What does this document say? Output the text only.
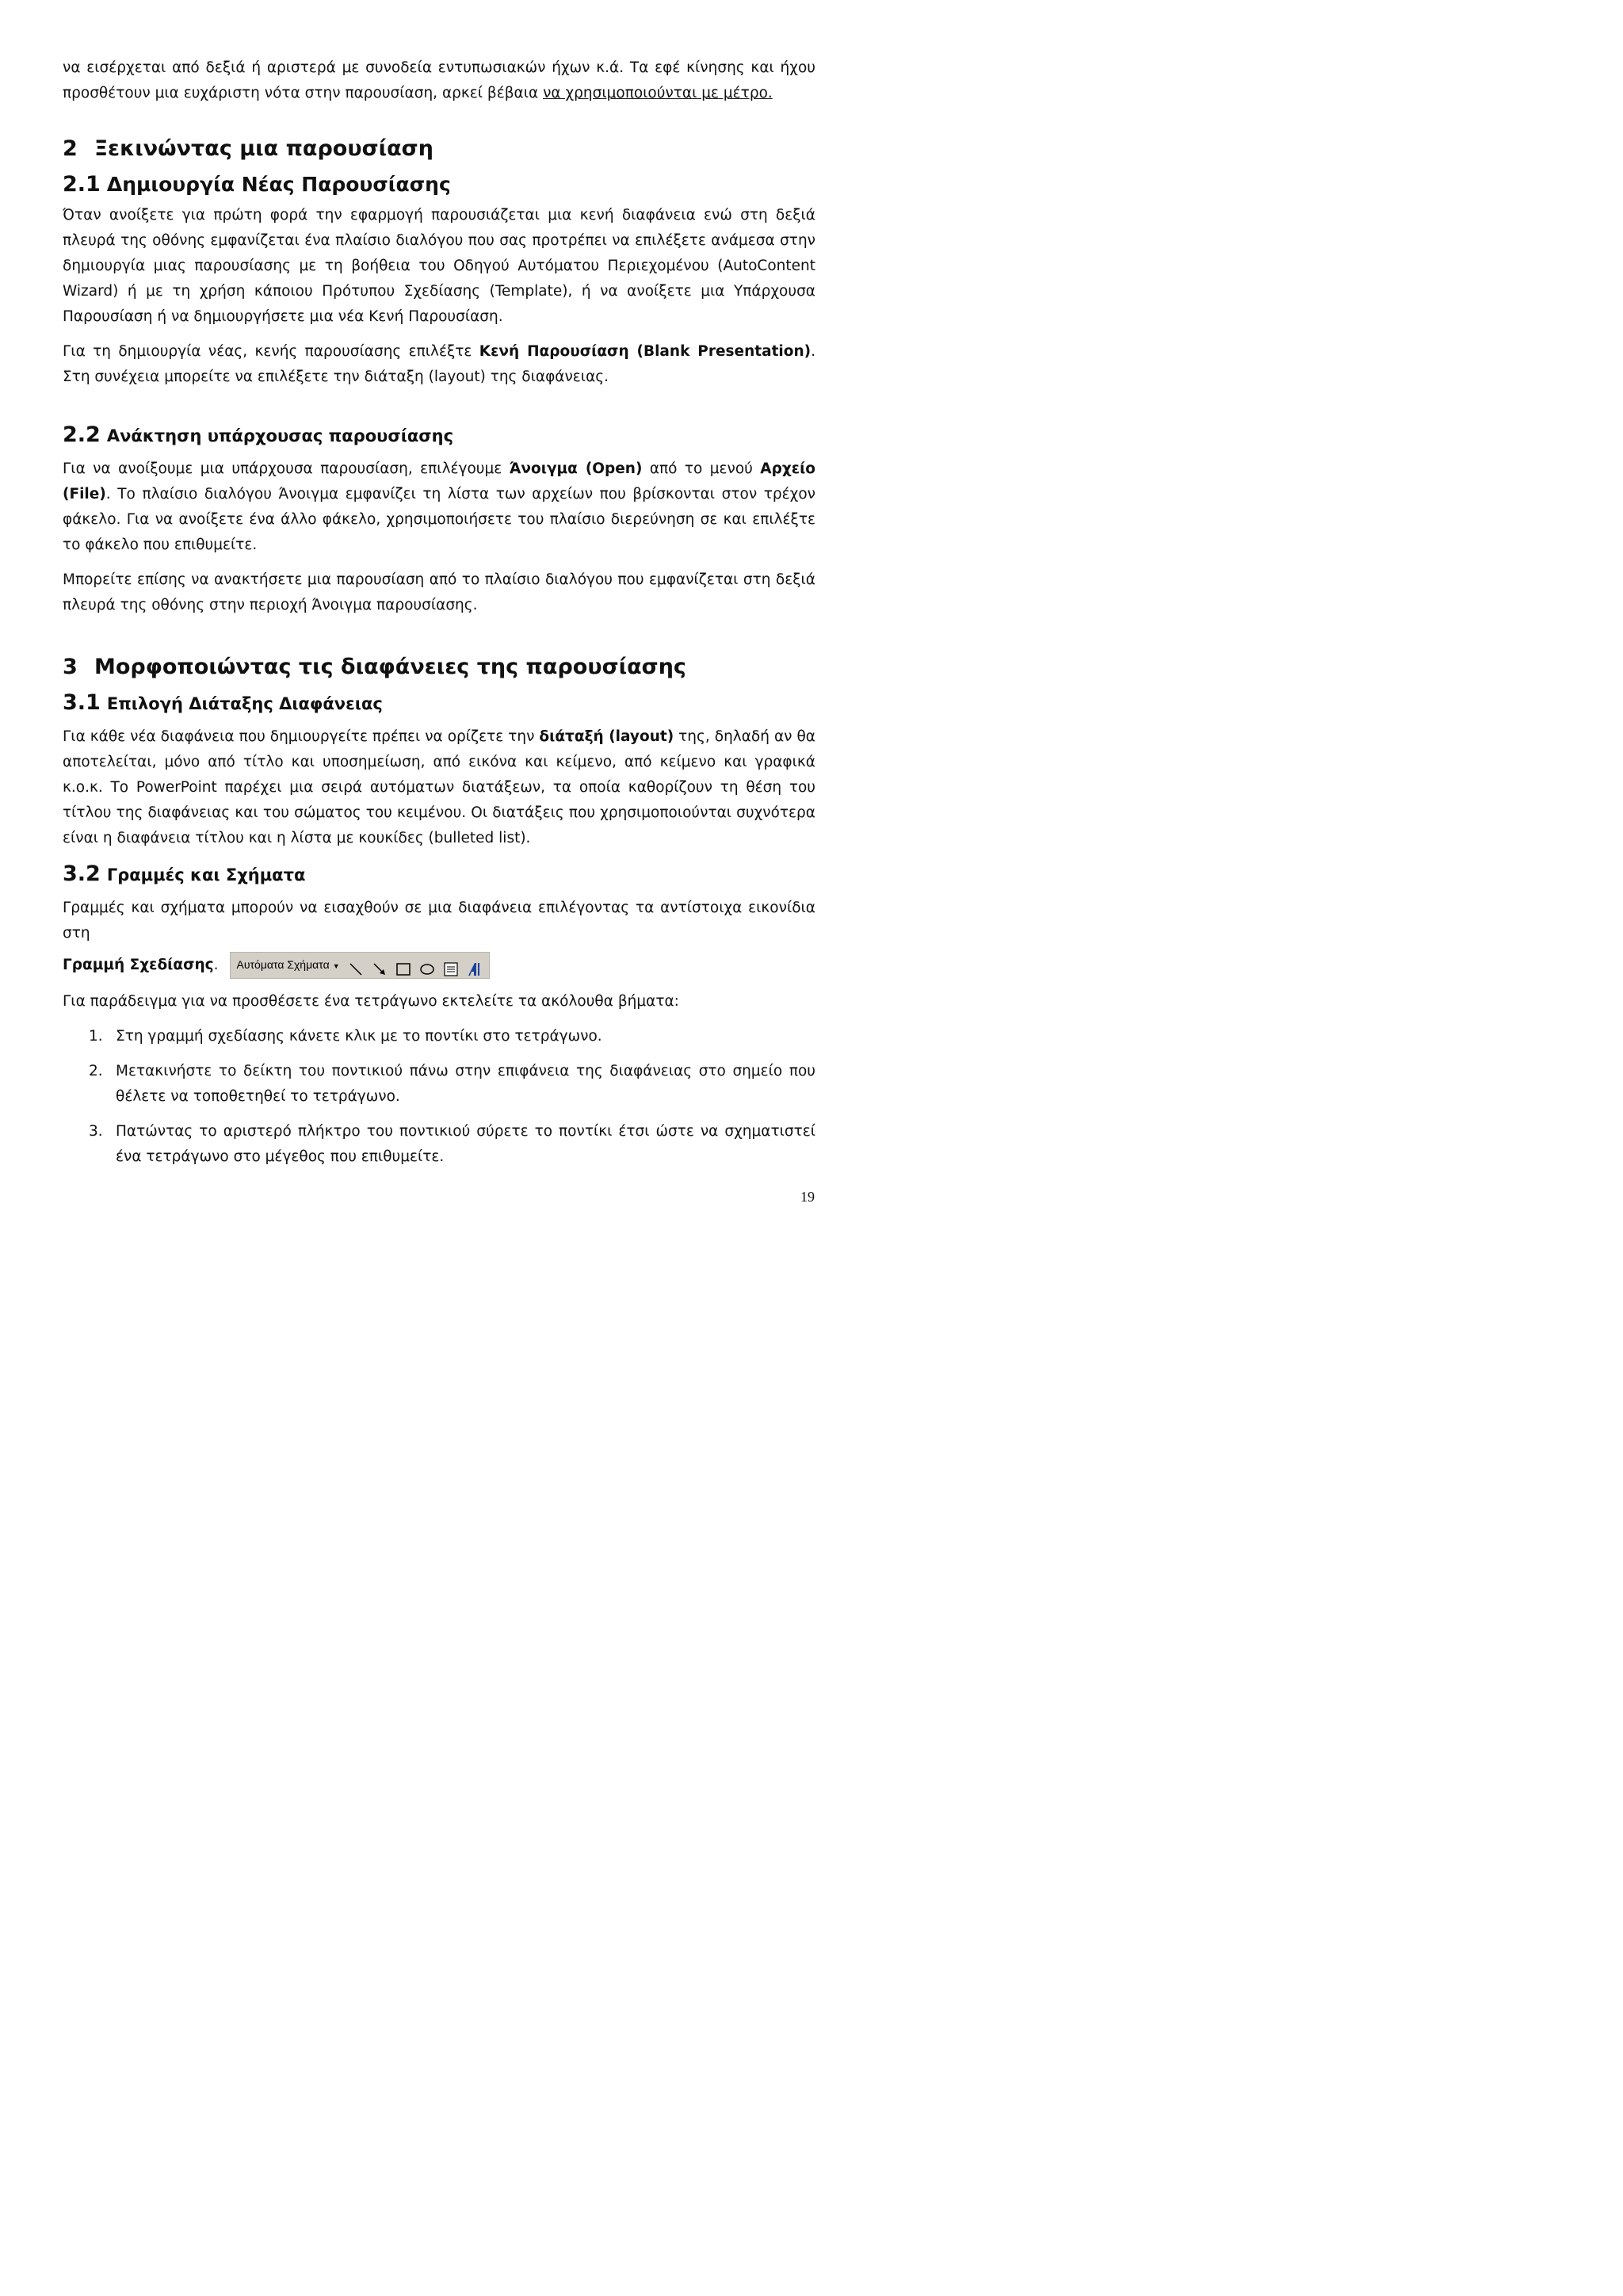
να εισέρχεται από δεξιά ή αριστερά με συνοδεία εντυπωσιακών ήχων κ.ά. Τα εφέ κίνησης και ήχου προσθέτουν μια ευχάριστη νότα στην παρουσίαση, αρκεί βέβαια να χρησιμοποιούνται με μέτρο.

2 Ξεκινώντας μια παρουσίαση
2.1 Δημιουργία Νέας Παρουσίασης

Όταν ανοίξετε για πρώτη φορά την εφαρμογή παρουσιάζεται μια κενή διαφάνεια ενώ στη δεξιά πλευρά της οθόνης εμφανίζεται ένα πλαίσιο διαλόγου που σας προτρέπει να επιλέξετε ανάμεσα στην δημιουργία μιας παρουσίασης με τη βοήθεια του Οδηγού Αυτόματου Περιεχομένου (AutoContent Wizard) ή με τη χρήση κάποιου Πρότυπου Σχεδίασης (Template), ή να ανοίξετε μια Υπάρχουσα Παρουσίαση ή να δημιουργήσετε μια νέα Κενή Παρουσίαση.

Για τη δημιουργία νέας, κενής παρουσίασης επιλέξτε Κενή Παρουσίαση (Blank Presentation). Στη συνέχεια μπορείτε να επιλέξετε την διάταξη (layout) της διαφάνειας.

2.2 Ανάκτηση υπάρχουσας παρουσίασης

Για να ανοίξουμε μια υπάρχουσα παρουσίαση, επιλέγουμε Άνοιγμα (Open) από το μενού Αρχείο (File). Το πλαίσιο διαλόγου Άνοιγμα εμφανίζει τη λίστα των αρχείων που βρίσκονται στον τρέχον φάκελο. Για να ανοίξετε ένα άλλο φάκελο, χρησιμοποιήσετε του πλαίσιο διερεύνηση σε και επιλέξτε το φάκελο που επιθυμείτε.

Μπορείτε επίσης να ανακτήσετε μια παρουσίαση από το πλαίσιο διαλόγου που εμφανίζεται στη δεξιά πλευρά της οθόνης στην περιοχή Άνοιγμα παρουσίασης.

3 Μορφοποιώντας τις διαφάνειες της παρουσίασης
3.1 Επιλογή Διάταξης Διαφάνειας

Για κάθε νέα διαφάνεια που δημιουργείτε πρέπει να ορίζετε την διάταξή (layout) της, δηλαδή αν θα αποτελείται, μόνο από τίτλο και υποσημείωση, από εικόνα και κείμενο, από κείμενο και γραφικά κ.ο.κ. Το PowerPoint παρέχει μια σειρά αυτόματων διατάξεων, τα οποία καθορίζουν τη θέση του τίτλου της διαφάνειας και του σώματος του κειμένου. Οι διατάξεις που χρησιμοποιούνται συχνότερα είναι η διαφάνεια τίτλου και η λίστα με κουκίδες (bulleted list).

3.2 Γραμμές και Σχήματα

Γραμμές και σχήματα μπορούν να εισαχθούν σε μια διαφάνεια επιλέγοντας τα αντίστοιχα εικονίδια στη

Γραμμή Σχεδίασης. Αυτόματα Σχήματα ▼

Για παράδειγμα για να προσθέσετε ένα τετράγωνο εκτελείτε τα ακόλουθα βήματα:

1. Στη γραμμή σχεδίασης κάνετε κλικ με το ποντίκι στο τετράγωνο.
2. Μετακινήστε το δείκτη του ποντικιού πάνω στην επιφάνεια της διαφάνειας στο σημείο που θέλετε να τοποθετηθεί το τετράγωνο.
3. Πατώντας το αριστερό πλήκτρο του ποντικιού σύρετε το ποντίκι έτσι ώστε να σχηματιστεί ένα τετράγωνο στο μέγεθος που επιθυμείτε.
19
